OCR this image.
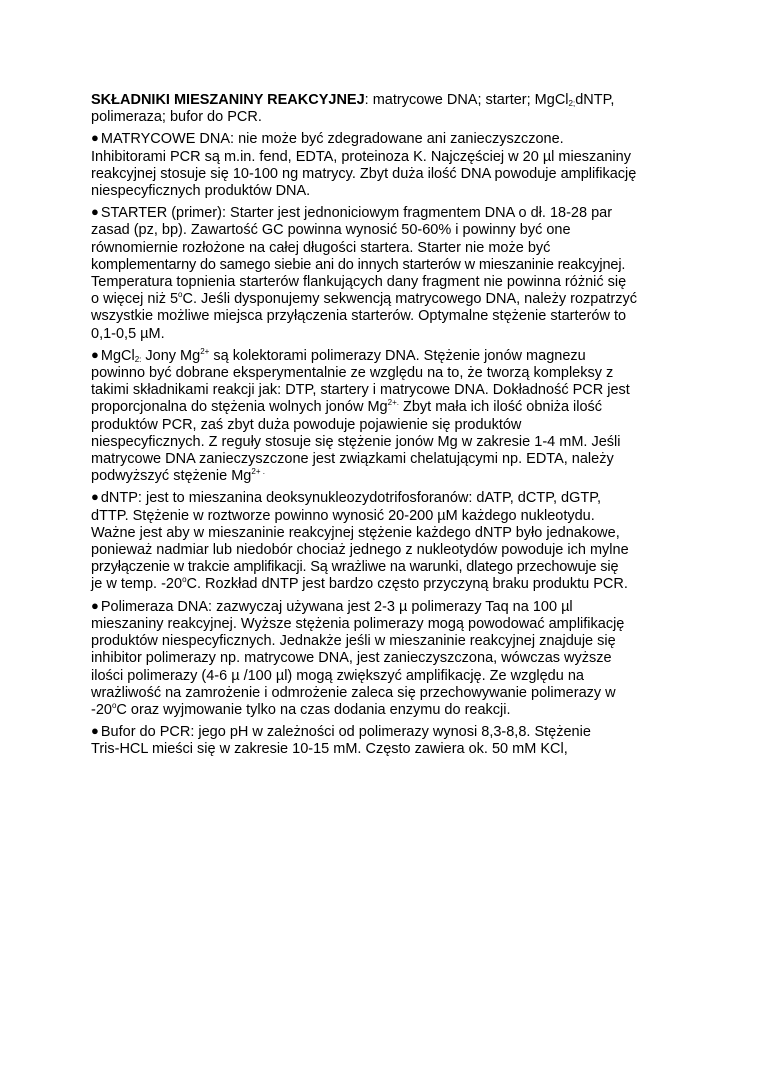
SKŁADNIKI MIESZANINY REAKCYJNEJ: matrycowe DNA; starter; MgCl$_{2;}$dNTP,
polimeraza; bufor do PCR.
● MATRYCOWE DNA: nie może być zdegradowane ani zanieczyszczone.
Inhibitorami PCR są m.in. fend, EDTA, proteinoza K. Najczęściej w 20 µl mieszaniny
reakcyjnej stosuje się 10-100 ng matrycy. Zbyt duża ilość DNA powoduje amplifikację
niespecyficznych produktów DNA.
● STARTER (primer): Starter jest jednoniciowym fragmentem DNA o dł. 18-28 par
zasad (pz, bp). Zawartość GC powinna wynosić 50-60% i powinny być one
równomiernie rozłożone na całej długości startera. Starter nie może być
komplementarny do samego siebie ani do innych starterów w mieszaninie reakcyjnej.
Temperatura topnienia starterów flankujących dany fragment nie powinna różnić się
o więcej niż 5$^o$C. Jeśli dysponujemy sekwencją matrycowego DNA, należy rozpatrzyć
wszystkie możliwe miejsca przyłączenia starterów. Optymalne stężenie starterów to
0,1-0,5 µM.
● MgCl$_{2:}$ Jony $Mg^{2+}$ są kolektorami polimerazy DNA. Stężenie jonów magnezu
powinno być dobrane eksperymentalnie ze względu na to, że tworzą kompleksy z
takimi składnikami reakcji jak: DTP, startery i matrycowe DNA. Dokładność PCR jest
proporcjonalna do stężenia wolnych jonów $Mg^{2+.}$ Zbyt mała ich ilość obniża ilość
produktów PCR, zaś zbyt duża powoduje pojawienie się produktów
niespecyficznych. Z reguły stosuje się stężenie jonów Mg w zakresie 1-4 mM. Jeśli
matrycowe DNA zanieczyszczone jest związkami chelatującymi np. EDTA, należy
podwyższyć stężenie $Mg^{2+ .}$
● dNTP: jest to mieszanina deoksynukleozydotrifosforanów: dATP, dCTP, dGTP,
dTTP. Stężenie w roztworze powinno wynosić 20-200 µM każdego nukleotydu.
Ważne jest aby w mieszaninie reakcyjnej stężenie każdego dNTP było jednakowe,
ponieważ nadmiar lub niedobór chociaż jednego z nukleotydów powoduje ich mylne
przyłączenie w trakcie amplifikacji. Są wrażliwe na warunki, dlatego przechowuje się
je w temp. -20$^o$C. Rozkład dNTP jest bardzo często przyczyną braku produktu PCR.
● Polimeraza DNA: zazwyczaj używana jest 2-3 µ polimerazy Taq na 100 µl
mieszaniny reakcyjnej. Wyższe stężenia polimerazy mogą powodować amplifikację
produktów niespecyficznych. Jednakże jeśli w mieszaninie reakcyjnej znajduje się
inhibitor polimerazy np. matrycowe DNA, jest zanieczyszczona, wówczas wyższe
ilości polimerazy (4-6 µ /100 µl) mogą zwiększyć amplifikację. Ze względu na
wrażliwość na zamrożenie i odmrożenie zaleca się przechowywanie polimerazy w
-20$^o$C oraz wyjmowanie tylko na czas dodania enzymu do reakcji.
● Bufor do PCR: jego pH w zależności od polimerazy wynosi 8,3-8,8. Stężenie
Tris-HCL mieści się w zakresie 10-15 mM. Często zawiera ok. 50 mM KCl,
